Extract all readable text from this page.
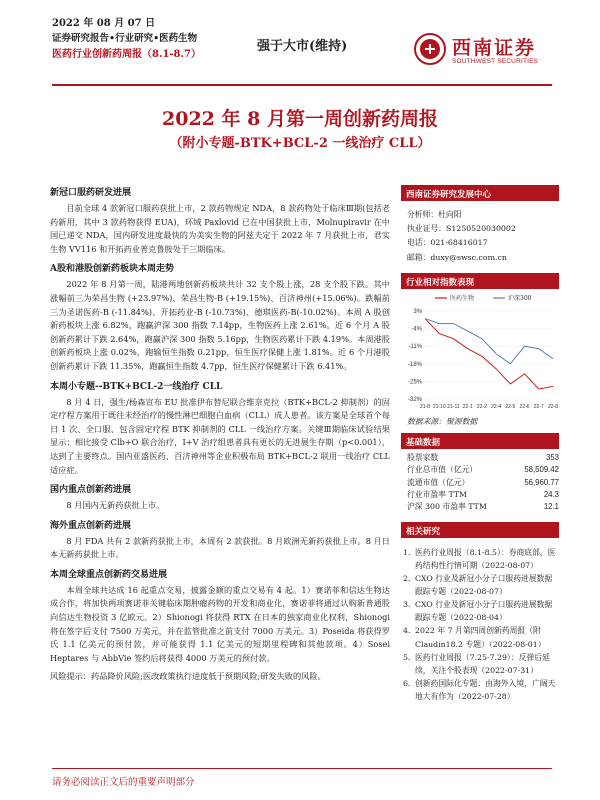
2022 年 08 月 07 日
证券研究报告•行业研究•医药生物
医药行业创新药周报（8.1-8.7）
强于大市(维持)	西南证券
SOUTHWEST SECURITIES
2022 年 8 月第一周创新药周报
（附小专题-BTK+BCL-2 一线治疗 CLL）
新冠口服药研发进展
目前全球 4 款新冠口服药获批上市，2 款药物规定 NDA，8 款药物处于临床Ⅲ期(包括老药新用，其中 3 款药物获得 EUA)，环域 Paxlovid 已在中国获批上市，Molnupiravir 在中国已递交 NDA，国内研发进度最快的为美实生物的阿兹夫定于 2022 年 7 月获批上市，君实生物 VV116 和开拓药业普克鲁胺处于三期临床。
A股和港股创新药板块本周走势
2022 年 8 月第一周，陆港两地创新药板块共计 32 支个股上涨，28 支个股下跌。其中涨幅前三为荣昌生物 (+23.97%)、荣昌生物-B (+19.15%)、百济神州(+15.06%)。跌幅前三为圣诺医药-B (-11.84%)、开拓药业-B (-10.73%)、德琪医药-B(-10.02%)。本周 A 股创新药板块上涨 6.82%，跑赢沪深 300 指数 7.14pp，生物医药上涨 2.61%。近 6 个月 A 股创新药累计下跌 2.64%，跑赢沪深 300 指数 5.16pp，生物医药累计下跌 4.19%。本周港股创新药板块上涨 0.02%，跑输恒生指数 0.21pp，恒生医疗保健上涨 1.81%。近 6 个月港股创新药累计下跌 11.35%，跑赢恒生指数 4.7pp，恒生医疗保健累计下跌 6.41%。
本周小专题--BTK+BCL-2一线治疗 CLL
8 月 4 日，强生/杨森宣布 EU 批准伊布替尼联合维奈克拉（BTK+BCL-2 抑制剂）的固定疗程方案用于既往未经治疗的慢性淋巴细胞白血病（CLL）成人患者。该方案是全球首个每日 1 次、全口服、包含固定疗程 BTK 抑制剂的 CLL 一线治疗方案。关键Ⅲ期临床试验结果显示：相比接受 Clb+O 联合治疗，I+V 治疗组患者具有更长的无进展生存期（p<0.001），达到了主要终点。国内亚盛医药、百济神州等企业积极布局 BTK+BCL-2 联用一线治疗 CLL 适应症。
国内重点创新药进展
8 月国内无新药获批上市。
海外重点创新药进展
8 月 FDA 共有 2 款新药获批上市，本周有 2 款获批。8 月欧洲无新药获批上市。8 月日本无新药获批上市。
本周全球重点创新药交易进展
本周全球共达成 16 起重点交易，披露金额的重点交易有 4 起。1）赛诺菲和信达生物达成合作，将加快两项赛诺菲关键临床期肿瘤药物的开发和商业化，赛诺菲将通过认购新普通股向信达生物投资 3 亿欧元。2）Shionogi 将获得 RTX 在日本的独家商业化权利，Shionogi 将在签字后支付 7500 万美元，并在监管批准之前支付 7000 万美元。3）Poseida 将获得罗氏 1.1 亿美元的预付款，并可能获得 1.1 亿美元的短期里程碑和其他款项。4）Sosei Heptares 与 AbbVie 签约后将获得 4000 万美元的预付款。
风险提示：药品降价风险;医改政策执行进度低于预期风险;研发失败的风险。
西南证券研究发展中心
分析师：杜向阳
执业证号：S1250520030002
电话：021-68416017
邮箱：duxy@swsc.com.cn
行业相对指数表现
3%
-4%
-11%
-18%
-25%
-32%
21-8 21-10 21-11 22-1 22-2 22-4 22-5 22-6 22-7 22-8
医药生物	沪深300
数据来源：聚源数据
基础数据
股票家数	353
行业总市值（亿元）	58,509.42
流通市值（亿元）	56,960.77
行业市盈率 TTM	24.3
沪深 300 市盈率 TTM	12.1
相关研究
1. 医药行业周报（8.1-8.5）：券商底部，医药结构性行情可期（2022-08-07）
2. CXO 行业及新冠小分子口服药进展数据跟踪专题（2022-08-07）
3. CXO 行业及新冠小分子口服药进展数据跟踪专题（2022-08-04）
4. 2022 年 7 月第四周创新药周报（附 Claudin18.2 专题）（2022-08-01）
5. 医药行业周报（7.25-7.29）：反弹后延续，关注个股表现（2022-07-31）
6. 创新药国际化专题：由海外入境，广阔天地大有作为（2022-07-28）
请务必阅读正文后的重要声明部分
